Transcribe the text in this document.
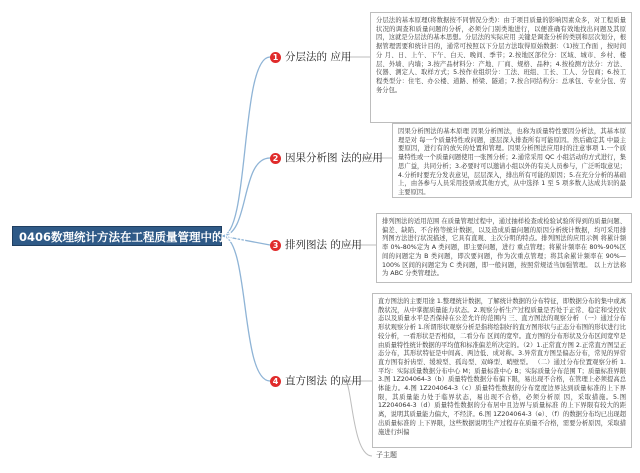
0406数理统计方法在工程质量管理中的应用
1 分层法的 应用
分层法的基本原理(将数据按不同情况分类)：由于项目质量的影响因素众多，对工程质量状况的调查和质量问题的分析，必须分门别类地进行，以便准确有效地找出问题及其原因，这就是分层法的基本思想。分层法的实际应用 关键是调查分析的类别和层次划分，根据管理需要和统计目的，通常可按照以下分层方法取得原始数据：（1)按工作面 ，按时间分 月、日、上午、下午、白天、晚间、季节；2.按地区部位分：区域、城市、乡村、楼层、外墙、内墙；3.按产品材料分：产地、厂商、规格、品种；4.按检测方法分：方法、仪器、测定人、取样方式；5.按作业组织分：工法、班组、工长、工人、分包商；6.按工程类型分：住宅、办公楼、道路、桥梁、隧道；7.按合同结构分：总承包、专业分包、劳务分包。
2 因果分析图 法的应用
因果分析图法的基本原理 因果分析图法，也称为质量特性要因分析法，其基本原理是对 每一个质量特性或问题，逐层深入排查所有可能原因。然后确定其 中最主要原因，进行有的放矢的处置和管理。因果分析图法应用时的注意事项 1.一个质量特性或一个质量问题使用一张图分析；2.通常采用 QC 小组活动的方式进行，集思广益，共同分析；3.必要时可以邀请小组以外的有关人员参与，广泛听取意见；4.分析时要充分发表意见，层层深入，排出所有可能的原因；5.在充分分析的基础上，由各参与人员采用投票或其他方式，从中选择 1 至 5 项多数人达成共识的最主要原因。
3 排列图法 的应用
排列图法的适用范围 在质量管理过程中，通过抽样检查或检验试验所得到的质量问题、偏差、缺陷、不合格等统计数据，以及造成质量问题的原因分析统计数据，均可采用排列图方法进行状况描述，它具有直观、主次分明的特点。排列图法的应用示例 将累计频率 0%-80%定为 A 类问题，即主要问题，进行 重点管理；将累计频率在 80%-90%区间的问题定为 B 类问题，即次要问题，作为次重点管理；将其余累计频率在 90%—100% 区间的问题定为 C 类问题，即一般问题，按照常规适当加强管理。 以上方法称为 ABC 分类管理法。
4 直方图法 的应用
直方图法的主要用途 1.整理统计数据，了解统计数据的分布特征，即数据分布的集中或离散状况，从中掌握质量能力状态。2.观察分析生产过程质量是否处于正常、稳定和受控状态以及质量水平是否保持在公差允许的范围内 三、直方图法的观察分析 （一）通过分布形状观察分析 1.所谓形状观察分析是指将绘制好的直方图形状与正态分布图的形状进行比较分析，一看形状是否相似，二看分布 区间的宽窄。直方图的分布形状及分布区间宽窄是由质量特性统计数据的平均值和标准偏差所决定的。（2）1.正常直方图 2.正常直方图呈正态分布，其形状特征是中间高、两边低、成对称。3.异常直方图呈偏态分布，常见的异常直方图有折齿型、缓坡型、孤岛型、双峰型、峭壁型。 （二）通过分布位置观察分析 1.平均：实际质量数据分布中心 M；质量标准中心 B；实际质量分布范围 T；质量标准界限 3.图 1Z204064-3（b）质量特性数据分布偏下限，易出现不合格，在管理上必须提高总体能力。4.图 1Z204064-3（c）质量特性数据的分布宽度边界达到质量标准的上下界限，其质量能力处于临界状态，易出现不合格，必须分析原 因，采取措施。5.图 1Z204064-3（d）质量特性数据的分布居中且边界与质量标准 的上下界限有较大的距离，说明其质量能力偏大，不经济。6.图 1Z204064-3（e）、（f）的数据分布均已出现超出质量标准的 上下界限，这些数据说明生产过程存在质量不合格，需要分析原因，采取措施进行纠偏
子主题
